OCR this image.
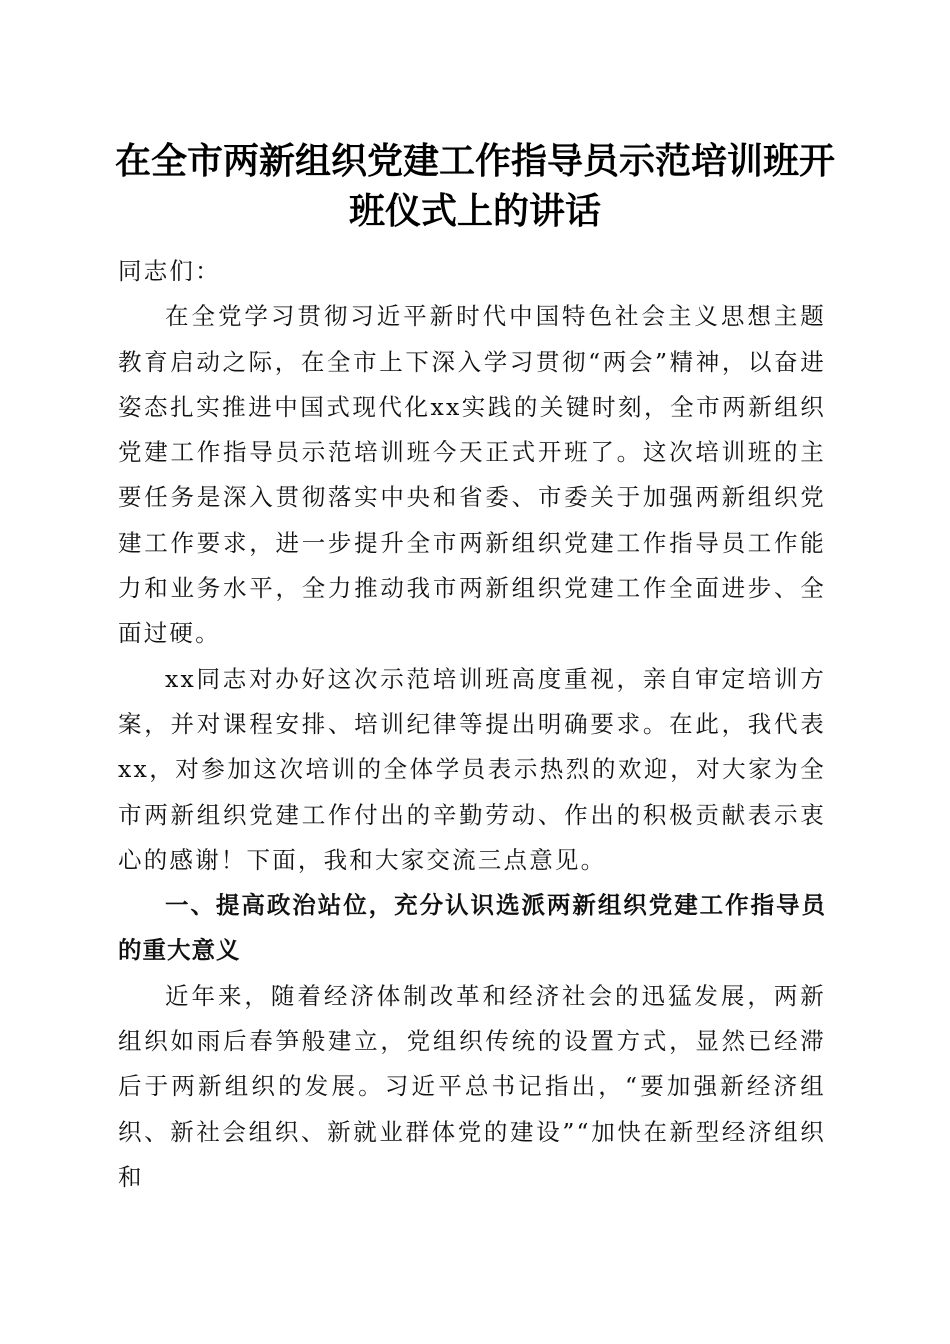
在全市两新组织党建工作指导员示范培训班开
班仪式上的讲话

同志们：

在全党学习贯彻习近平新时代中国特色社会主义思想主题教育启动之际，在全市上下深入学习贯彻“两会”精神，以奋进姿态扎实推进中国式现代化xx实践的关键时刻，全市两新组织党建工作指导员示范培训班今天正式开班了。这次培训班的主要任务是深入贯彻落实中央和省委、市委关于加强两新组织党建工作要求，进一步提升全市两新组织党建工作指导员工作能力和业务水平，全力推动我市两新组织党建工作全面进步、全面过硬。

xx同志对办好这次示范培训班高度重视，亲自审定培训方案，并对课程安排、培训纪律等提出明确要求。在此，我代表xx，对参加这次培训的全体学员表示热烈的欢迎，对大家为全市两新组织党建工作付出的辛勤劳动、作出的积极贡献表示衷心的感谢！下面，我和大家交流三点意见。

一、提高政治站位，充分认识选派两新组织党建工作指导员的重大意义

近年来，随着经济体制改革和经济社会的迅猛发展，两新组织如雨后春笋般建立，党组织传统的设置方式，显然已经滞后于两新组织的发展。习近平总书记指出，“要加强新经济组织、新社会组织、新就业群体党的建设”“加快在新型经济组织和
